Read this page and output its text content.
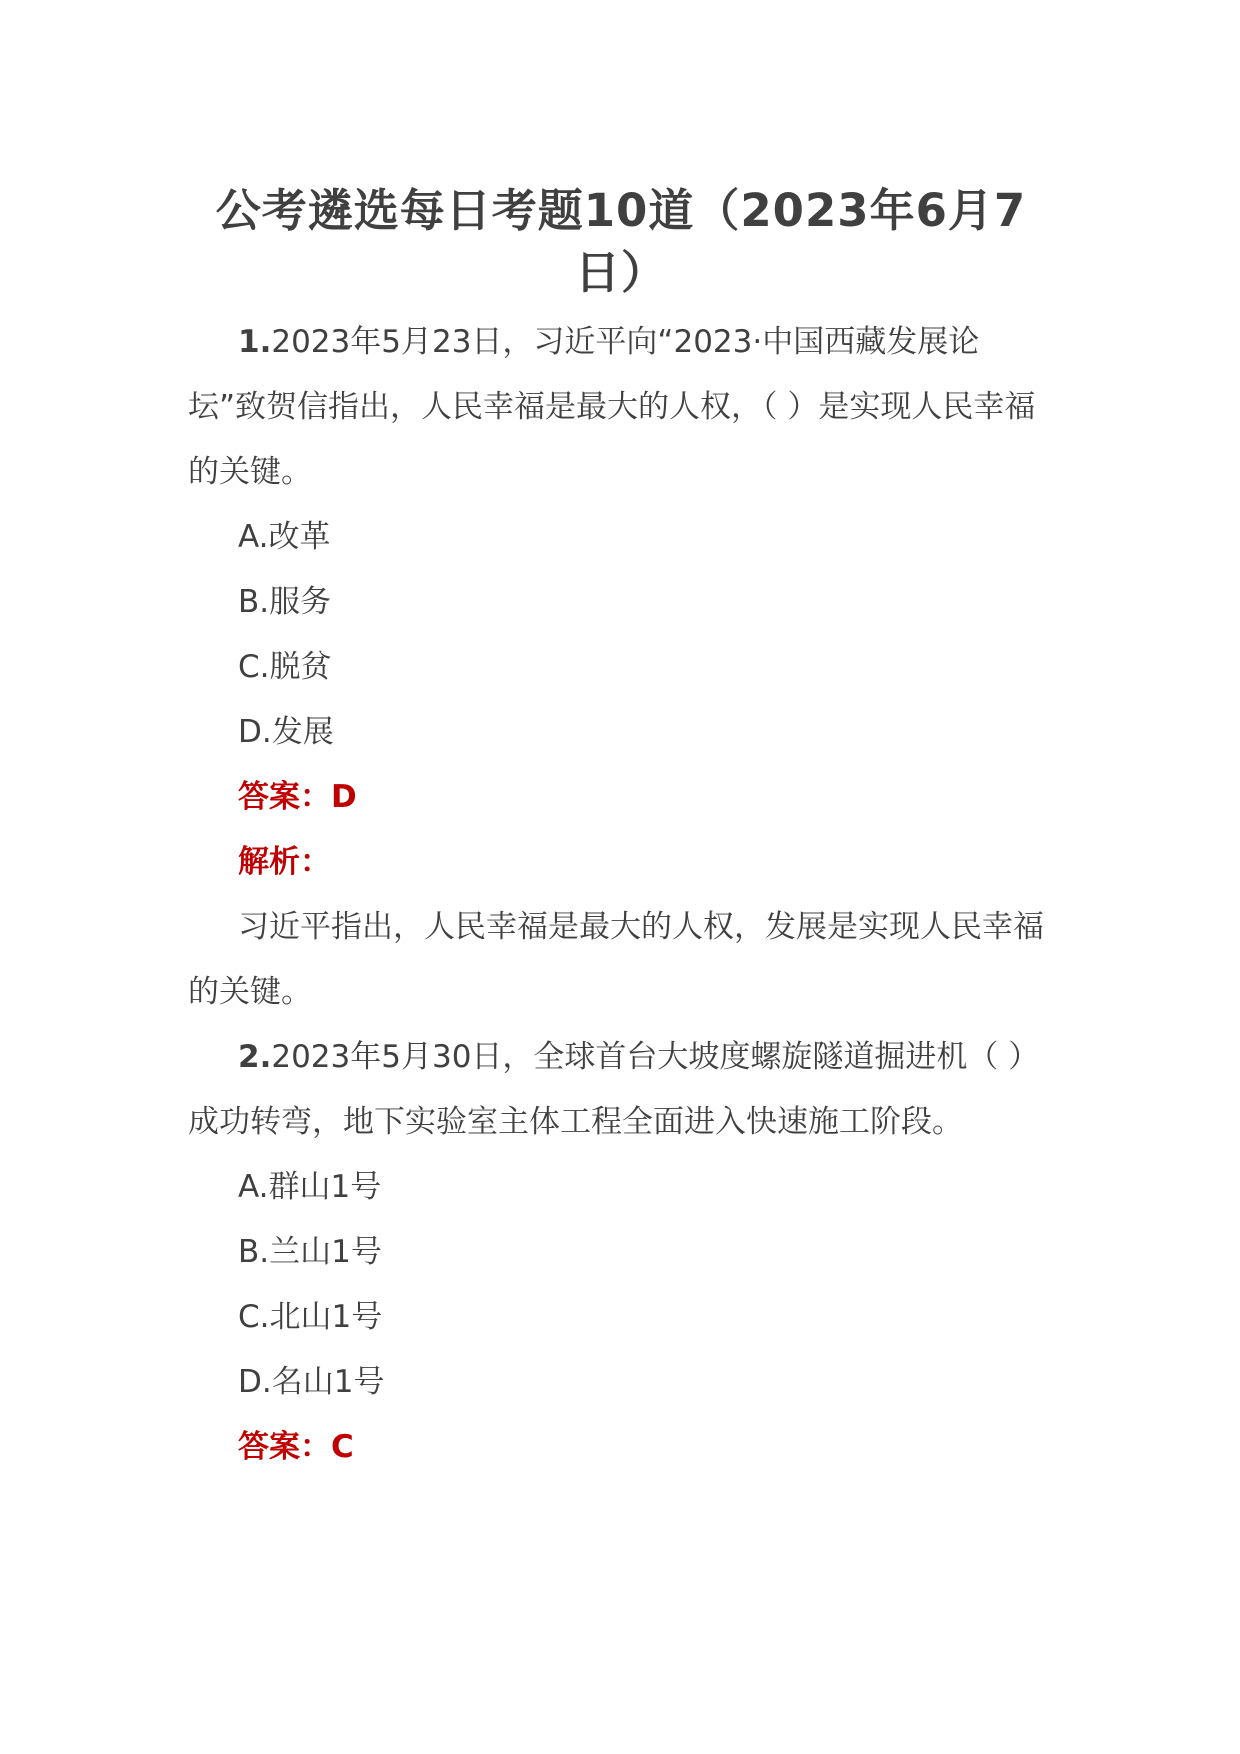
公考遴选每日考题10道（2023年6月7日）

1.2023年5月23日，习近平向“2023·中国西藏发展论坛”致贺信指出，人民幸福是最大的人权，（ ）是实现人民幸福的关键。

A.改革

B.服务

C.脱贫

D.发展

答案：D

解析：

习近平指出，人民幸福是最大的人权，发展是实现人民幸福的关键。

2.2023年5月30日，全球首台大坡度螺旋隧道掘进机（ ）成功转弯，地下实验室主体工程全面进入快速施工阶段。

A.群山1号

B.兰山1号

C.北山1号

D.名山1号

答案：C
